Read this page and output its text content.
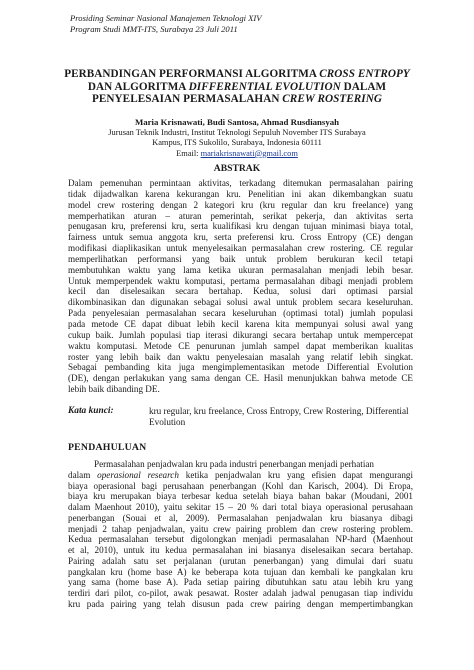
Prosiding Seminar Nasional Manajemen Teknologi XIV
Program Studi MMT-ITS, Surabaya 23 Juli 2011
PERBANDINGAN PERFORMANSI ALGORITMA CROSS ENTROPY DAN ALGORITMA DIFFERENTIAL EVOLUTION DALAM PENYELESAIAN PERMASALAHAN CREW ROSTERING
Maria Krisnawati, Budi Santosa, Ahmad Rusdiansyah
Jurusan Teknik Industri, Institut Teknologi Sepuluh November ITS Surabaya
Kampus, ITS Sukolilo, Surabaya, Indonesia 60111
Email: mariakrisnawati@gmail.com
ABSTRAK
Dalam pemenuhan permintaan aktivitas, terkadang ditemukan permasalahan pairing
tidak dijadwalkan karena kekurangan kru. Penelitian ini akan dikembangkan suatu
model crew rostering dengan 2 kategori kru (kru regular dan kru freelance) yang
memperhatikan aturan – aturan pemerintah, serikat pekerja, dan aktivitas serta
penugasan kru, preferensi kru, serta kualifikasi kru dengan tujuan minimasi biaya total,
fairness untuk semua anggota kru, serta preferensi kru. Cross Entropy (CE) dengan
modifikasi diaplikasikan untuk menyelesaikan permasalahan crew rostering. CE regular
memperlihatkan performansi yang baik untuk problem berukuran kecil tetapi
membutuhkan waktu yang lama ketika ukuran permasalahan menjadi lebih besar.
Untuk memperpendek waktu komputasi, pertama permasalahan dibagi menjadi problem
kecil dan diselesaikan secara bertahap. Kedua, solusi dari optimasi parsial
dikombinasikan dan digunakan sebagai solusi awal untuk problem secara keseluruhan.
Pada penyelesaian permasalahan secara keseluruhan (optimasi total) jumlah populasi
pada metode CE dapat dibuat lebih kecil karena kita mempunyai solusi awal yang
cukup baik. Jumlah populasi tiap iterasi dikurangi secara bertahap untuk mempercepat
waktu komputasi. Metode CE penurunan jumlah sampel dapat memberikan kualitas
roster yang lebih baik dan waktu penyelesaian masalah yang relatif lebih singkat.
Sebagai pembanding kita juga mengimplementasikan metode Differential Evolution
(DE), dengan perlakukan yang sama dengan CE. Hasil menunjukkan bahwa metode CE
lebih baik dibanding DE.
Kata kunci:	kru regular, kru freelance, Cross Entropy, Crew Rostering, Differential
Evolution
PENDAHULUAN
Permasalahan penjadwalan kru pada industri penerbangan menjadi perhatian
dalam operasional research ketika penjadwalan kru yang efisien dapat mengurangi
biaya operasional bagi perusahaan penerbangan (Kohl dan Karisch, 2004). Di Eropa,
biaya kru merupakan biaya terbesar kedua setelah biaya bahan bakar (Moudani, 2001
dalam Maenhout 2010), yaitu sekitar 15 – 20 % dari total biaya operasional perusahaan
penerbangan (Souai et al, 2009). Permasalahan penjadwalan kru biasanya dibagi
menjadi 2 tahap penjadwalan, yaitu crew pairing problem dan crew rostering problem.
Kedua permasalahan tersebut digolongkan menjadi permasalahan NP-hard (Maenhout
et al, 2010), untuk itu kedua permasalahan ini biasanya diselesaikan secara bertahap.
Pairing adalah satu set perjalanan (urutan penerbangan) yang dimulai dari suatu
pangkalan kru (home base A) ke beberapa kota tujuan dan kembali ke pangkalan kru
yang sama (home base A). Pada setiap pairing dibutuhkan satu atau lebih kru yang
terdiri dari pilot, co-pilot, awak pesawat. Roster adalah jadwal penugasan tiap individu
kru pada pairing yang telah disusun pada crew pairing dengan mempertimbangkan
